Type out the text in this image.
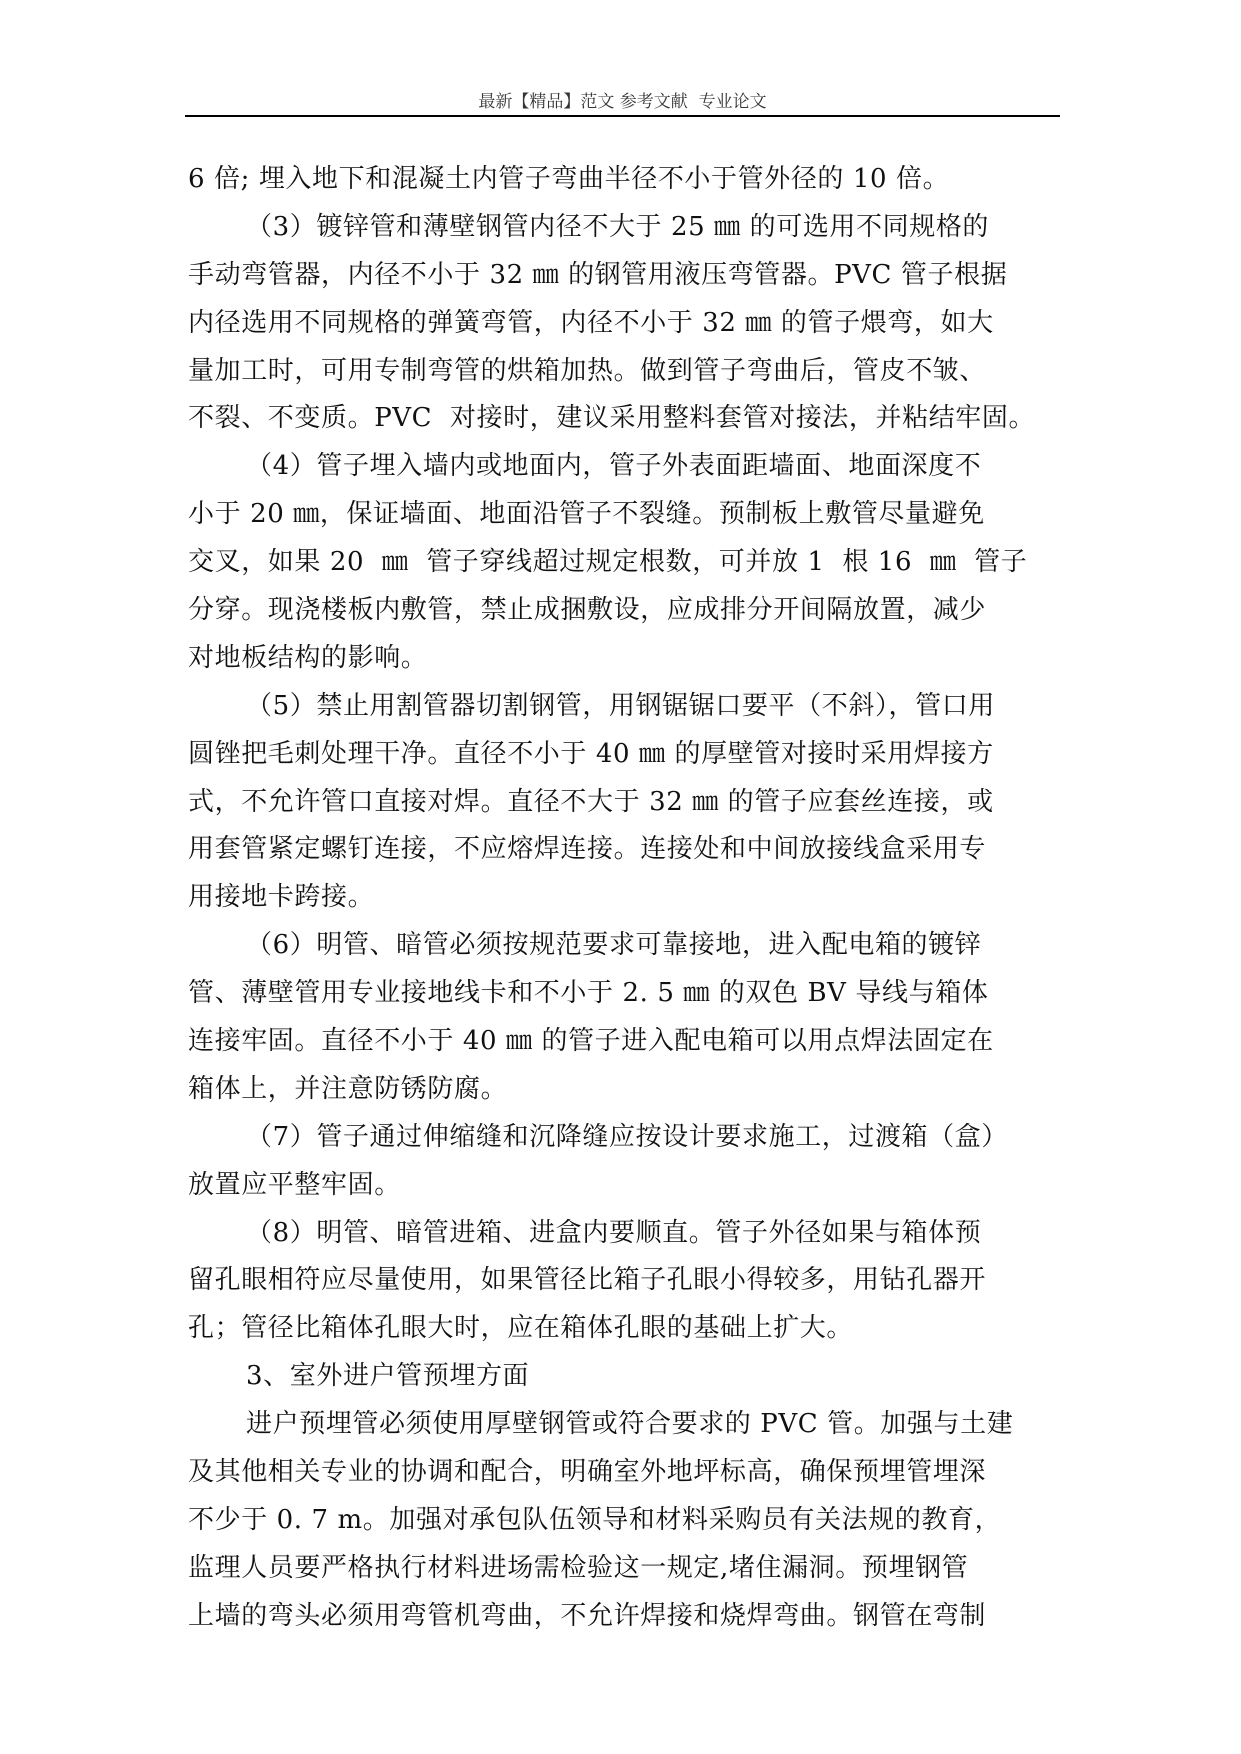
最新【精品】范文 参考文献  专业论文
6 倍; 埋入地下和混凝土内管子弯曲半径不小于管外径的 10 倍。
（3）镀锌管和薄壁钢管内径不大于 25 ㎜ 的可选用不同规格的
手动弯管器，内径不小于 32 ㎜ 的钢管用液压弯管器。PVC 管子根据
内径选用不同规格的弹簧弯管，内径不小于 32 ㎜ 的管子煨弯，如大
量加工时，可用专制弯管的烘箱加热。做到管子弯曲后，管皮不皱、
不裂、不变质。PVC  对接时，建议采用整料套管对接法，并粘结牢固。
（4）管子埋入墙内或地面内，管子外表面距墙面、地面深度不
小于 20 ㎜，保证墙面、地面沿管子不裂缝。预制板上敷管尽量避免
交叉，如果 20  ㎜  管子穿线超过规定根数，可并放 1  根 16  ㎜  管子
分穿。现浇楼板内敷管，禁止成捆敷设，应成排分开间隔放置，减少
对地板结构的影响。
（5）禁止用割管器切割钢管，用钢锯锯口要平（不斜），管口用
圆锉把毛刺处理干净。直径不小于 40 ㎜ 的厚壁管对接时采用焊接方
式，不允许管口直接对焊。直径不大于 32 ㎜ 的管子应套丝连接，或
用套管紧定螺钉连接，不应熔焊连接。连接处和中间放接线盒采用专
用接地卡跨接。
（6）明管、暗管必须按规范要求可靠接地，进入配电箱的镀锌
管、薄壁管用专业接地线卡和不小于 2. 5 ㎜ 的双色 BV 导线与箱体
连接牢固。直径不小于 40 ㎜ 的管子进入配电箱可以用点焊法固定在
箱体上，并注意防锈防腐。
（7）管子通过伸缩缝和沉降缝应按设计要求施工，过渡箱（盒）
放置应平整牢固。
（8）明管、暗管进箱、进盒内要顺直。管子外径如果与箱体预
留孔眼相符应尽量使用，如果管径比箱子孔眼小得较多，用钻孔器开
孔；管径比箱体孔眼大时，应在箱体孔眼的基础上扩大。
3、室外进户管预埋方面
进户预埋管必须使用厚壁钢管或符合要求的 PVC 管。加强与土建
及其他相关专业的协调和配合，明确室外地坪标高，确保预埋管埋深
不少于 0. 7 m。加强对承包队伍领导和材料采购员有关法规的教育，
监理人员要严格执行材料进场需检验这一规定,堵住漏洞。预埋钢管
上墙的弯头必须用弯管机弯曲，不允许焊接和烧焊弯曲。钢管在弯制
